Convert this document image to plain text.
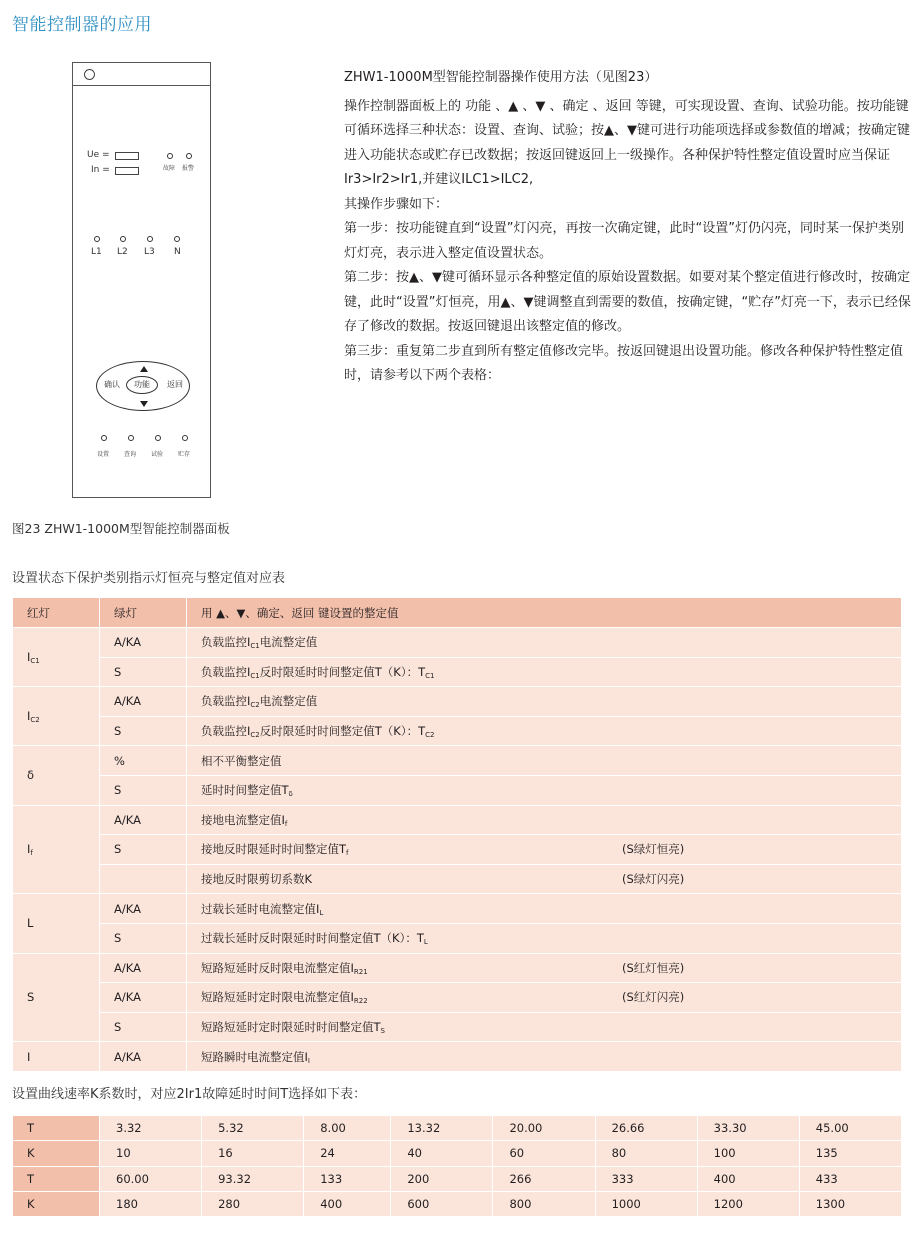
智能控制器的应用
Ue =
In =	故障 报警
L1 L2 L3 N
确认	返回
功能
设置 查询 试验 贮存
图23 ZHW1-1000M型智能控制器面板

ZHW1-1000M型智能控制器操作使用方法（见图23）

操作控制器面板上的 功能 、▲ 、▼ 、确定 、返回 等键，可实现设置、查询、试验功能。按功能键可循环选择三种状态：设置、查询、试验；按▲、▼键可进行功能项选择或参数值的增减；按确定键进入功能状态或贮存已改数据；按返回键返回上一级操作。各种保护特性整定值设置时应当保证Ir3>Ir2>Ir1,并建议ILC1>ILC2,

其操作步骤如下：

第一步：按功能键直到“设置”灯闪亮，再按一次确定键，此时“设置”灯仍闪亮，同时某一保护类别灯灯亮，表示进入整定值设置状态。

第二步：按▲、▼键可循环显示各种整定值的原始设置数据。如要对某个整定值进行修改时，按确定键，此时“设置”灯恒亮，用▲、▼键调整直到需要的数值，按确定键，“贮存”灯亮一下，表示已经保存了修改的数据。按返回键退出该整定值的修改。

第三步：重复第二步直到所有整定值修改完毕。按返回键退出设置功能。修改各种保护特性整定值时，请参考以下两个表格：

设置状态下保护类别指示灯恒亮与整定值对应表
红灯	绿灯	用 ▲、▼、确定、返回 键设置的整定值
$I_{C1}$	A/KA	负载监控$I_{C1}$电流整定值
	S	负载监控$I_{C1}$反时限延时时间整定值T（K）：$T_{C1}$
$I_{C2}$	A/KA	负载监控$I_{C2}$电流整定值
	S	负载监控$I_{C2}$反时限延时时间整定值T（K）：$T_{C2}$
δ	%	相不平衡整定值
	S	延时时间整定值$T_\delta$
$I_f$	A/KA	接地电流整定值$I_f$
	S	接地反时限延时时间整定值$T_f$ (S绿灯恒亮)

		接地反时限剪切系数K (S绿灯闪亮)

L	A/KA	过载长延时电流整定值$I_L$
	S	过载长延时反时限延时时间整定值T（K）：$T_L$
S	A/KA	短路短延时反时限电流整定值$I_{R21}$ (S红灯恒亮)

	A/KA	短路短延时定时限电流整定值$I_{R22}$ (S红灯闪亮)

	S	短路短延时定时限延时时间整定值$T_S$
I	A/KA	短路瞬时电流整定值$I_I$
设置曲线速率K系数时，对应2Ir1故障延时时间T选择如下表：
T	3.32	5.32	8.00	13.32	20.00	26.66	33.30	45.00
K	10	16	24	40	60	80	100	135
T	60.00	93.32	133	200	266	333	400	433
K	180	280	400	600	800	1000	1200	1300
